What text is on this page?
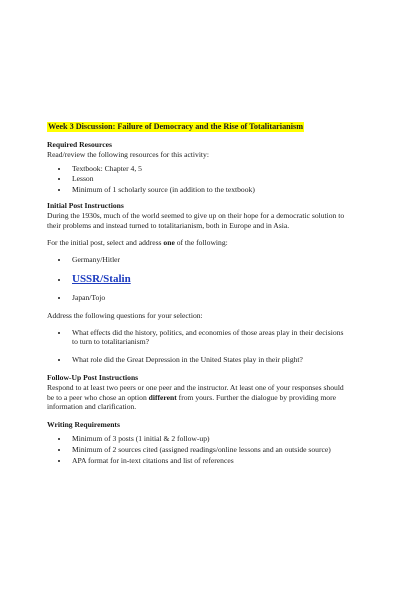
Week 3 Discussion: Failure of Democracy and the Rise of Totalitarianism

Required Resources

Read/review the following resources for this activity:

• Textbook: Chapter 4, 5
• Lesson
• Minimum of 1 scholarly source (in addition to the textbook)

Initial Post Instructions

During the 1930s, much of the world seemed to give up on their hope for a democratic solution to their problems and instead turned to totalitarianism, both in Europe and in Asia.

For the initial post, select and address one of the following:

• Germany/Hitler
• USSR/Stalin
• Japan/Tojo

Address the following questions for your selection:

• What effects did the history, politics, and economies of those areas play in their decisions to turn to totalitarianism?
• What role did the Great Depression in the United States play in their plight?

Follow-Up Post Instructions

Respond to at least two peers or one peer and the instructor. At least one of your responses should be to a peer who chose an option different from yours. Further the dialogue by providing more information and clarification.

Writing Requirements

• Minimum of 3 posts (1 initial & 2 follow-up)
• Minimum of 2 sources cited (assigned readings/online lessons and an outside source)
• APA format for in-text citations and list of references
